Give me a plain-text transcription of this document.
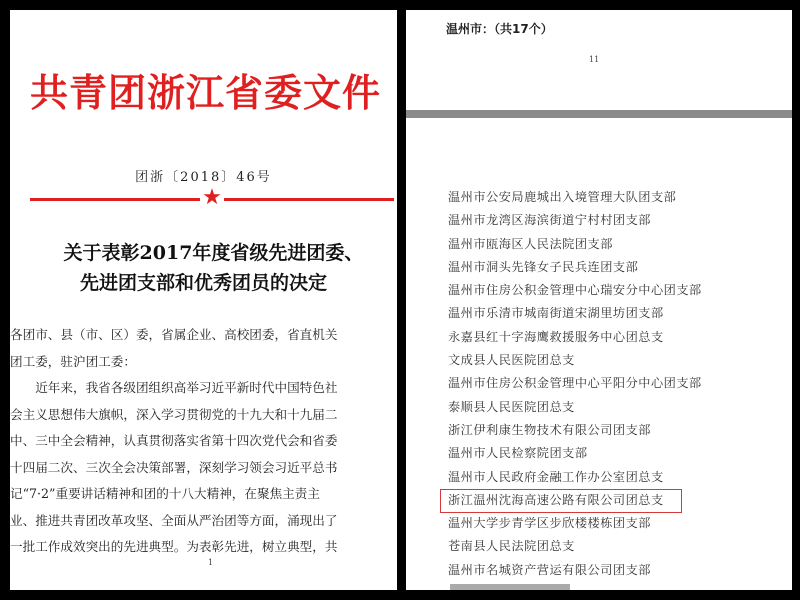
共青团浙江省委文件
团浙〔2018〕46号
★
关于表彰2017年度省级先进团委、
先进团支部和优秀团员的决定
各团市、县（市、区）委，省属企业、高校团委，省直机关
团工委，驻沪团工委：
　　近年来，我省各级团组织高举习近平新时代中国特色社
会主义思想伟大旗帜，深入学习贯彻党的十九大和十九届二
中、三中全会精神，认真贯彻落实省第十四次党代会和省委
十四届二次、三次全会决策部署，深刻学习领会习近平总书
记“7·2”重要讲话精神和团的十八大精神，在聚焦主责主
业、推进共青团改革攻坚、全面从严治团等方面，涌现出了
一批工作成效突出的先进典型。为表彰先进，树立典型，共
1
温州市：（共17个）
11
温州市公安局鹿城出入境管理大队团支部
温州市龙湾区海滨街道宁村村团支部
温州市瓯海区人民法院团支部
温州市洞头先锋女子民兵连团支部
温州市住房公积金管理中心瑞安分中心团支部
温州市乐清市城南街道宋湖里坊团支部
永嘉县红十字海鹰救援服务中心团总支
文成县人民医院团总支
温州市住房公积金管理中心平阳分中心团支部
泰顺县人民医院团总支
浙江伊利康生物技术有限公司团支部
温州市人民检察院团支部
温州市人民政府金融工作办公室团总支
浙江温州沈海高速公路有限公司团总支
温州大学步青学区步欣楼楼栋团支部
苍南县人民法院团总支
温州市名城资产营运有限公司团支部
